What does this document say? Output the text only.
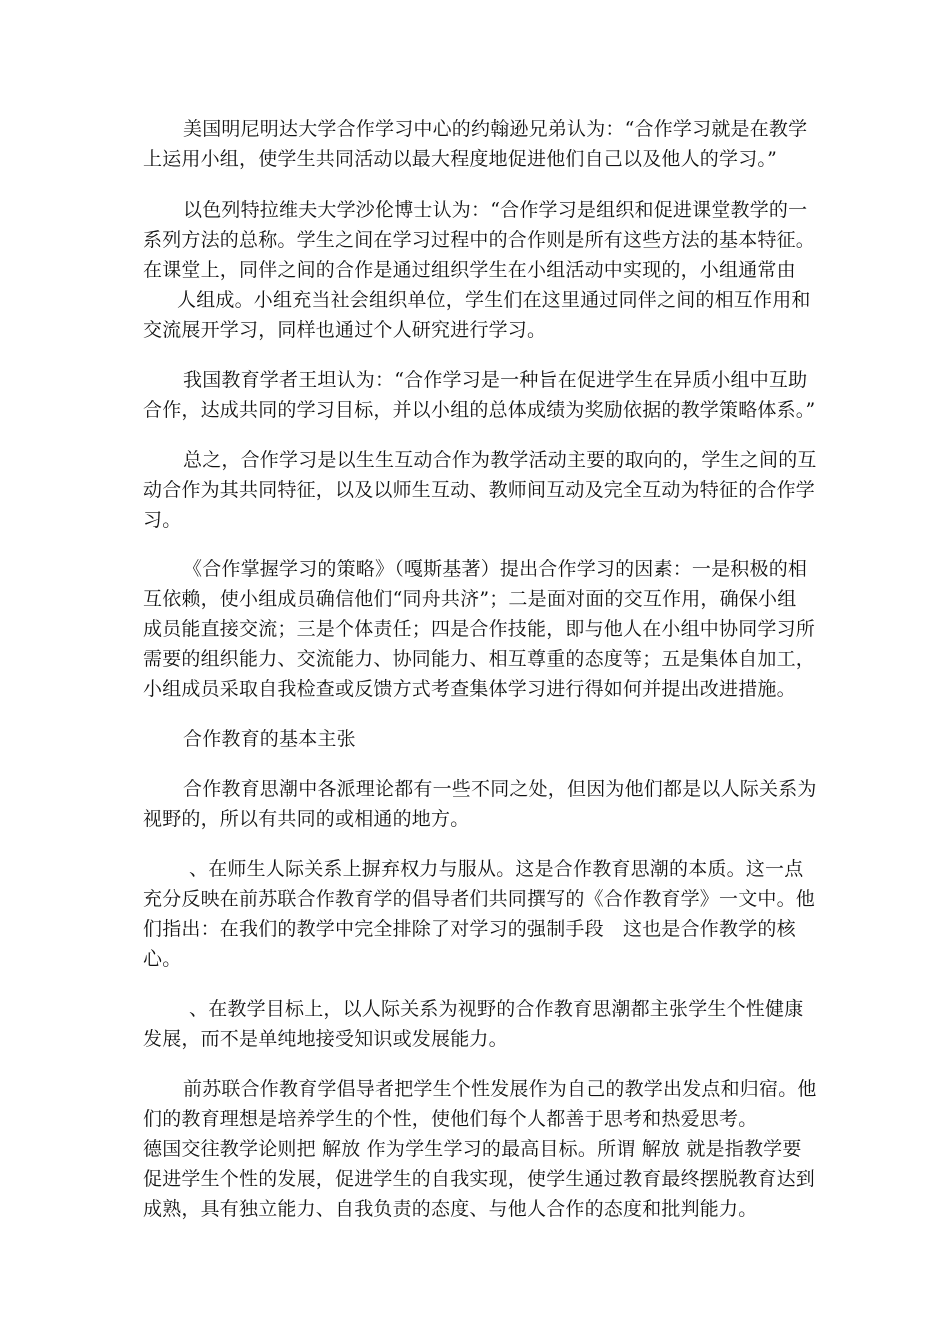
美国明尼明达大学合作学习中心的约翰逊兄弟认为：“合作学习就是在教学
上运用小组，使学生共同活动以最大程度地促进他们自己以及他人的学习。”
以色列特拉维夫大学沙伦博士认为：“合作学习是组织和促进课堂教学的一
系列方法的总称。学生之间在学习过程中的合作则是所有这些方法的基本特征。
在课堂上，同伴之间的合作是通过组织学生在小组活动中实现的，小组通常由
人组成。小组充当社会组织单位，学生们在这里通过同伴之间的相互作用和
交流展开学习，同样也通过个人研究进行学习。
我国教育学者王坦认为：“合作学习是一种旨在促进学生在异质小组中互助
合作，达成共同的学习目标，并以小组的总体成绩为奖励依据的教学策略体系。”
总之，合作学习是以生生互动合作为教学活动主要的取向的，学生之间的互
动合作为其共同特征，以及以师生互动、教师间互动及完全互动为特征的合作学
习。
《合作掌握学习的策略》（嘎斯基著）提出合作学习的因素：一是积极的相
互依赖，使小组成员确信他们“同舟共济”；二是面对面的交互作用，确保小组
成员能直接交流；三是个体责任；四是合作技能，即与他人在小组中协同学习所
需要的组织能力、交流能力、协同能力、相互尊重的态度等；五是集体自加工，
小组成员采取自我检查或反馈方式考查集体学习进行得如何并提出改进措施。
合作教育的基本主张
合作教育思潮中各派理论都有一些不同之处，但因为他们都是以人际关系为
视野的，所以有共同的或相通的地方。
、在师生人际关系上摒弃权力与服从。这是合作教育思潮的本质。这一点
充分反映在前苏联合作教育学的倡导者们共同撰写的《合作教育学》一文中。他
们指出：在我们的教学中完全排除了对学习的强制手段　这也是合作教学的核
心。
、在教学目标上，以人际关系为视野的合作教育思潮都主张学生个性健康
发展，而不是单纯地接受知识或发展能力。
前苏联合作教育学倡导者把学生个性发展作为自己的教学出发点和归宿。他
们的教育理想是培养学生的个性，使他们每个人都善于思考和热爱思考。
德国交往教学论则把 解放 作为学生学习的最高目标。所谓 解放 就是指教学要
促进学生个性的发展，促进学生的自我实现，使学生通过教育最终摆脱教育达到
成熟，具有独立能力、自我负责的态度、与他人合作的态度和批判能力。
